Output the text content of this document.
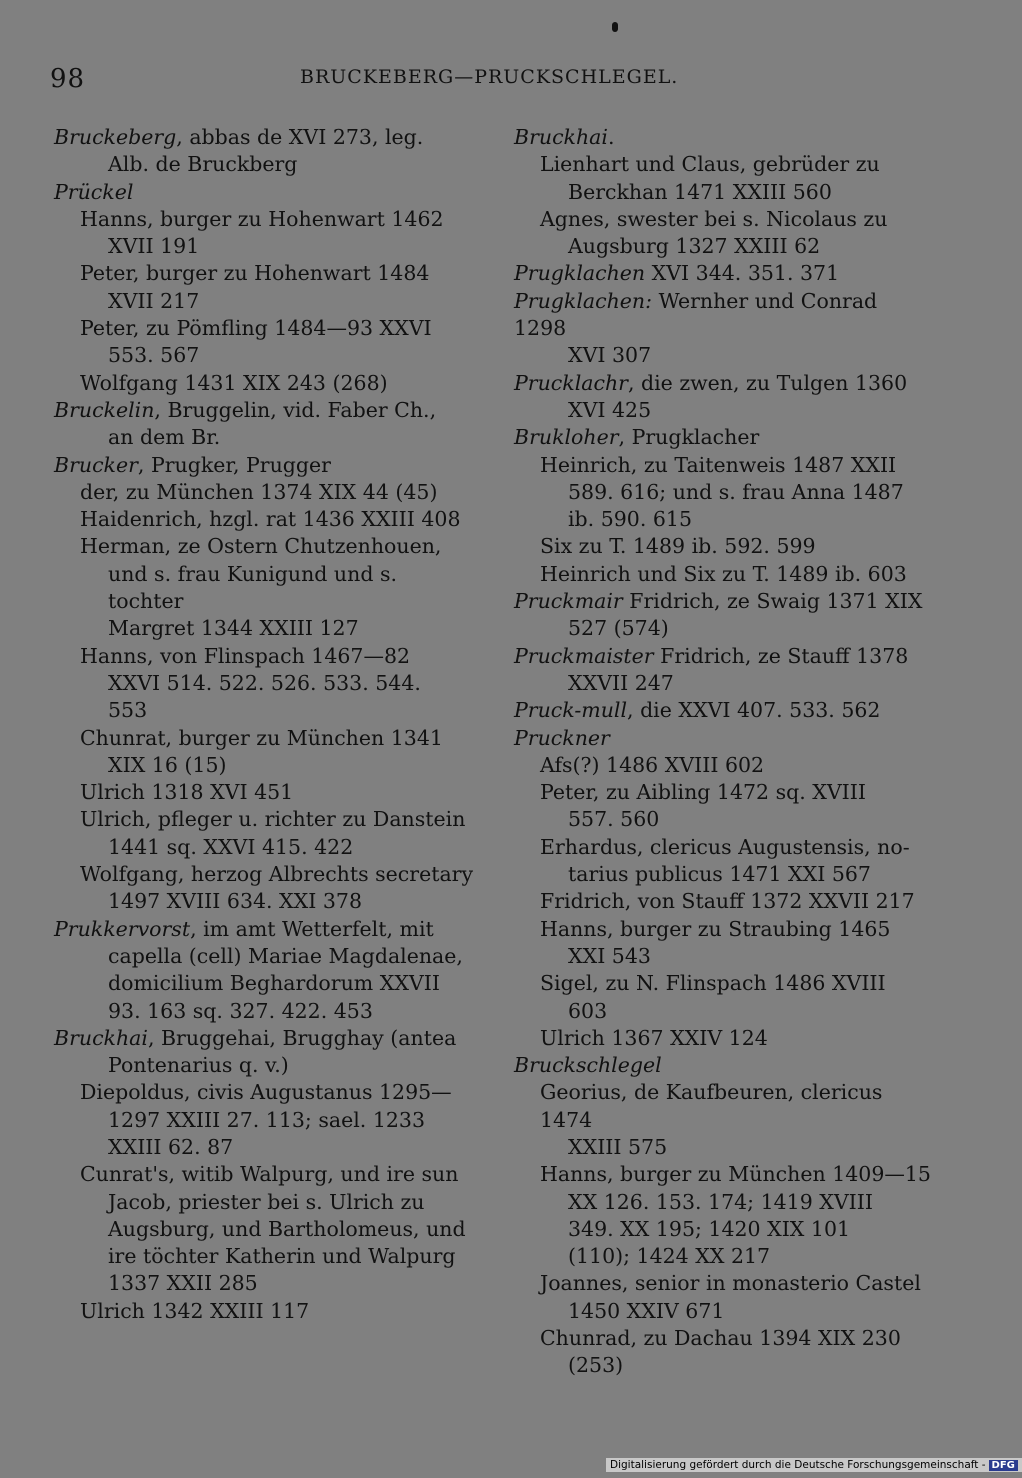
98	BRUCKEBERG—PRUCKSCHLEGEL.
Bruckeberg, abbas de XVI 273, leg.
Alb. de Bruckberg
Prückel
Hanns, burger zu Hohenwart 1462
XVII 191
Peter, burger zu Hohenwart 1484
XVII 217
Peter, zu Pömfling 1484—93 XXVI
553. 567
Wolfgang 1431 XIX 243 (268)
Bruckelin, Bruggelin, vid. Faber Ch.,
an dem Br.
Brucker, Prugker, Prugger
der, zu München 1374 XIX 44 (45)
Haidenrich, hzgl. rat 1436 XXIII 408
Herman, ze Ostern Chutzenhouen,
und s. frau Kunigund und s. tochter
Margret 1344 XXIII 127
Hanns, von Flinspach 1467—82
XXVI 514. 522. 526. 533. 544.
553
Chunrat, burger zu München 1341
XIX 16 (15)
Ulrich 1318 XVI 451
Ulrich, pfleger u. richter zu Danstein
1441 sq. XXVI 415. 422
Wolfgang, herzog Albrechts secretary
1497 XVIII 634. XXI 378
Prukkervorst, im amt Wetterfelt, mit
capella (cell) Mariae Magdalenae,
domicilium Beghardorum XXVII
93. 163 sq. 327. 422. 453
Bruckhai, Bruggehai, Brugghay (antea
Pontenarius q. v.)
Diepoldus, civis Augustanus 1295—
1297 XXIII 27. 113; sael. 1233
XXIII 62. 87
Cunrat's, witib Walpurg, und ire sun
Jacob, priester bei s. Ulrich zu
Augsburg, und Bartholomeus, und
ire töchter Katherin und Walpurg
1337 XXII 285
Ulrich 1342 XXIII 117
Bruckhai.
Lienhart und Claus, gebrüder zu
Berckhan 1471 XXIII 560
Agnes, swester bei s. Nicolaus zu
Augsburg 1327 XXIII 62
Prugklachen XVI 344. 351. 371
Prugklachen: Wernher und Conrad 1298
XVI 307
Prucklachr, die zwen, zu Tulgen 1360
XVI 425
Brukloher, Prugklacher
Heinrich, zu Taitenweis 1487 XXII
589. 616; und s. frau Anna 1487
ib. 590. 615
Six zu T. 1489 ib. 592. 599
Heinrich und Six zu T. 1489 ib. 603
Pruckmair Fridrich, ze Swaig 1371 XIX
527 (574)
Pruckmaister Fridrich, ze Stauff 1378
XXVII 247
Pruck-mull, die XXVI 407. 533. 562
Pruckner
Afs(?) 1486 XVIII 602
Peter, zu Aibling 1472 sq. XVIII
557. 560
Erhardus, clericus Augustensis, no-
tarius publicus 1471 XXI 567
Fridrich, von Stauff 1372 XXVII 217
Hanns, burger zu Straubing 1465
XXI 543
Sigel, zu N. Flinspach 1486 XVIII
603
Ulrich 1367 XXIV 124
Bruckschlegel
Georius, de Kaufbeuren, clericus 1474
XXIII 575
Hanns, burger zu München 1409—15
XX 126. 153. 174; 1419 XVIII
349. XX 195; 1420 XIX 101
(110); 1424 XX 217
Joannes, senior in monasterio Castel
1450 XXIV 671
Chunrad, zu Dachau 1394 XIX 230
(253)
Digitalisierung gefördert durch die Deutsche Forschungsgemeinschaft - DFG
